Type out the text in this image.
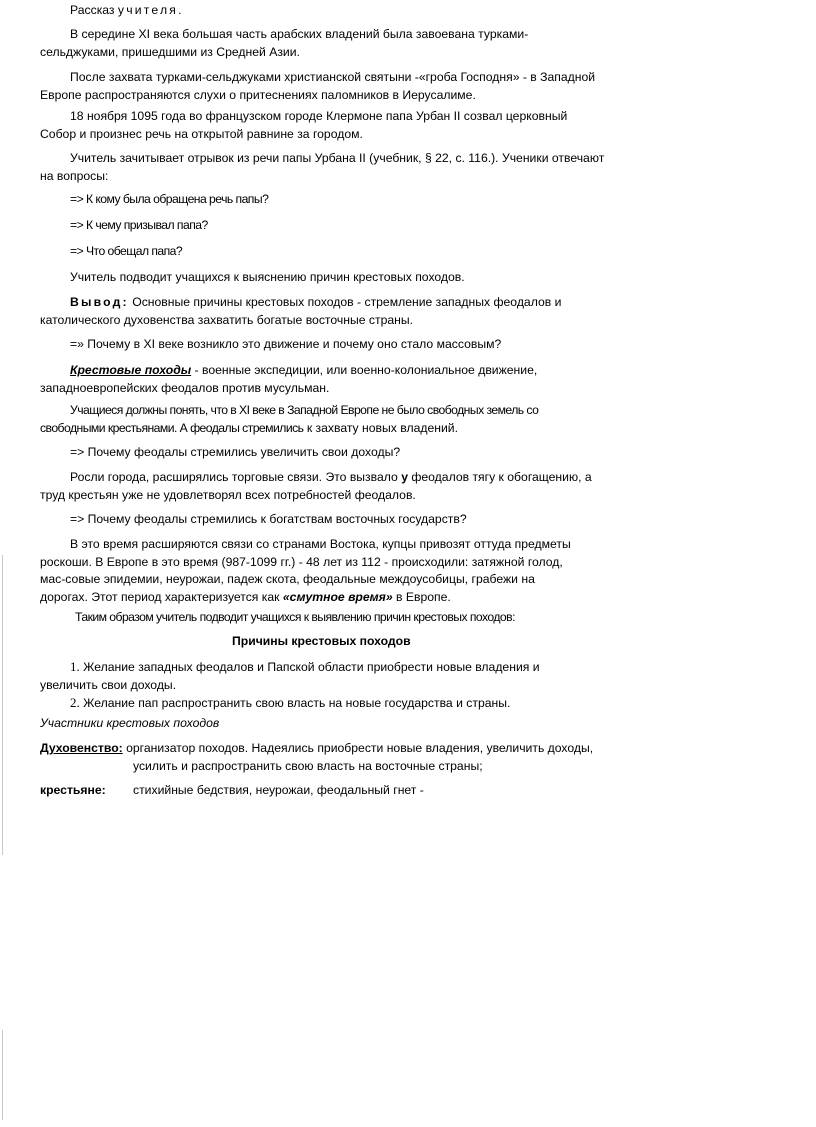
Рассказ учителя.

В середине XI века большая часть арабских владений была завоевана турками-сельджуками, пришедшими из Средней Азии.

После захвата турками-сельджуками христианской святыни -«гроба Господня» - в Западной Европе распространяются слухи о притеснениях паломников в Иерусалиме.

18 ноября 1095 года во французском городе Клермоне папа Урбан II созвал церковный Собор и произнес речь на открытой равнине за городом.

Учитель зачитывает отрывок из речи папы Урбана II (учебник, § 22, с. 116.). Ученики отвечают на вопросы:

=> К кому была обращена речь папы?

=> К чему призывал папа?

=> Что обещал папа?

Учитель подводит учащихся к выяснению причин крестовых походов.

Вывод: Основные причины крестовых походов - стремление западных феодалов и католического духовенства захватить богатые восточные страны.

=» Почему в XI веке возникло это движение и почему оно стало массовым?

Крестовые походы - военные экспедиции, или военно-колониальное движение, западноевропейских феодалов против мусульман.

Учащиеся должны понять, что в XI веке в Западной Европе не было свободных земель со свободными крестьянами. А феодалы стремились к захвату новых владений.

=> Почему феодалы стремились увеличить свои доходы?

Росли города, расширялись торговые связи. Это вызвало у феодалов тягу к обогащению, а труд крестьян уже не удовлетворял всех потребностей феодалов.

=> Почему феодалы стремились к богатствам восточных государств?

В это время расширяются связи со странами Востока, купцы привозят оттуда предметы роскоши. В Европе в это время (987-1099 гг.) - 48 лет из 112 - происходили: затяжной голод, мас-совые эпидемии, неурожаи, падеж скота, феодальные междоусобицы, грабежи на дорогах. Этот период характеризуется как «смутное время» в Европе.

Таким образом учитель подводит учащихся к выявлению причин крестовых походов:

Причины крестовых походов

1. Желание западных феодалов и Папской области приобрести новые владения и увеличить свои доходы.

2. Желание пап распространить свою власть на новые государства и страны.

Участники крестовых походов

Духовенство: организатор походов. Надеялись приобрести новые владения, увеличить доходы,
усилить и распространить свою власть на восточные страны;
крестьяне: стихийные бедствия, неурожаи, феодальный гнет -
